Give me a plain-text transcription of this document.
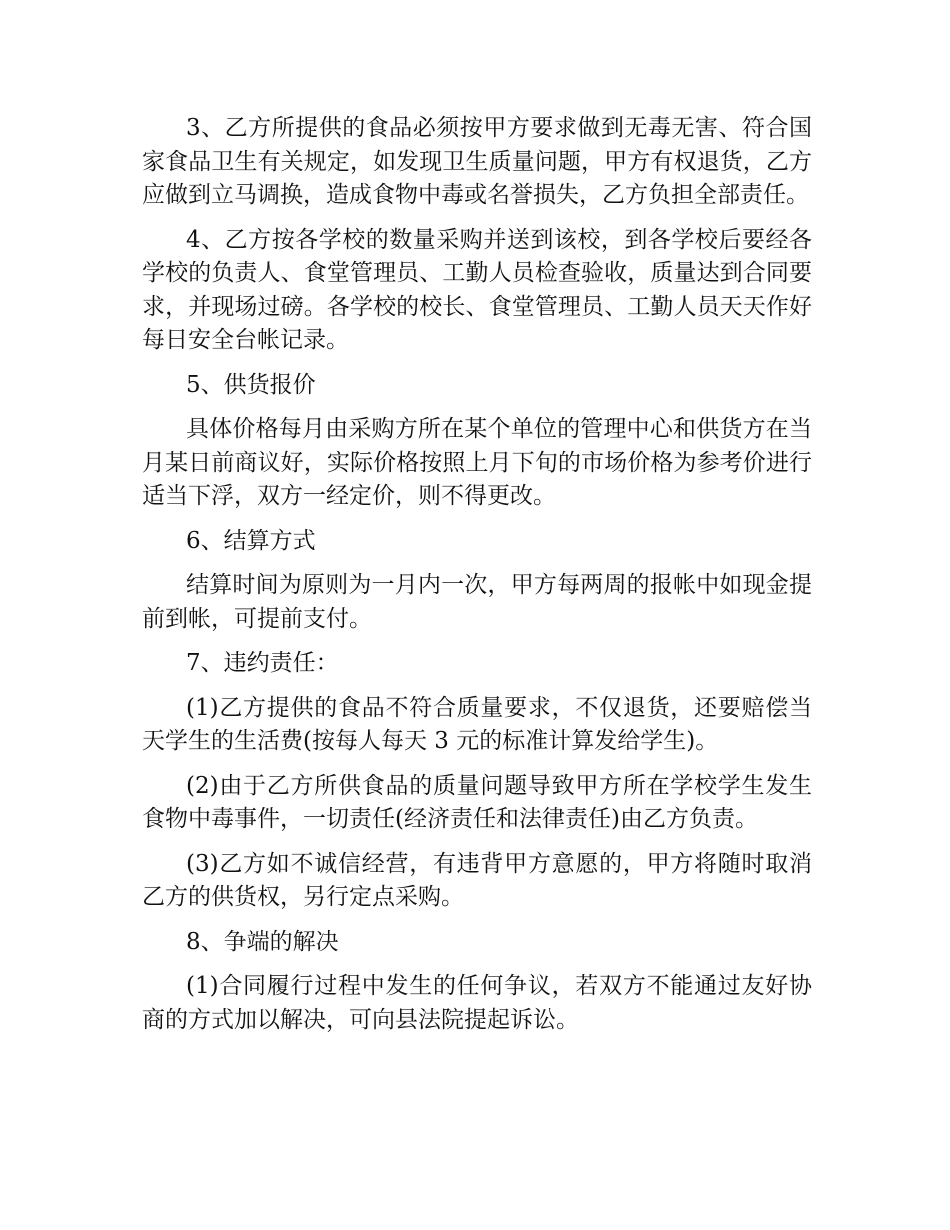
3、乙方所提供的食品必须按甲方要求做到无毒无害、符合国家食品卫生有关规定，如发现卫生质量问题，甲方有权退货，乙方应做到立马调换，造成食物中毒或名誉损失，乙方负担全部责任。

4、乙方按各学校的数量采购并送到该校，到各学校后要经各学校的负责人、食堂管理员、工勤人员检查验收，质量达到合同要求，并现场过磅。各学校的校长、食堂管理员、工勤人员天天作好每日安全台帐记录。

5、供货报价

具体价格每月由采购方所在某个单位的管理中心和供货方在当月某日前商议好，实际价格按照上月下旬的市场价格为参考价进行适当下浮，双方一经定价，则不得更改。

6、结算方式

结算时间为原则为一月内一次，甲方每两周的报帐中如现金提前到帐，可提前支付。

7、违约责任：

(1)乙方提供的食品不符合质量要求，不仅退货，还要赔偿当天学生的生活费(按每人每天 3 元的标准计算发给学生)。

(2)由于乙方所供食品的质量问题导致甲方所在学校学生发生食物中毒事件，一切责任(经济责任和法律责任)由乙方负责。

(3)乙方如不诚信经营，有违背甲方意愿的，甲方将随时取消乙方的供货权，另行定点采购。

8、争端的解决

(1)合同履行过程中发生的任何争议，若双方不能通过友好协商的方式加以解决，可向县法院提起诉讼。
